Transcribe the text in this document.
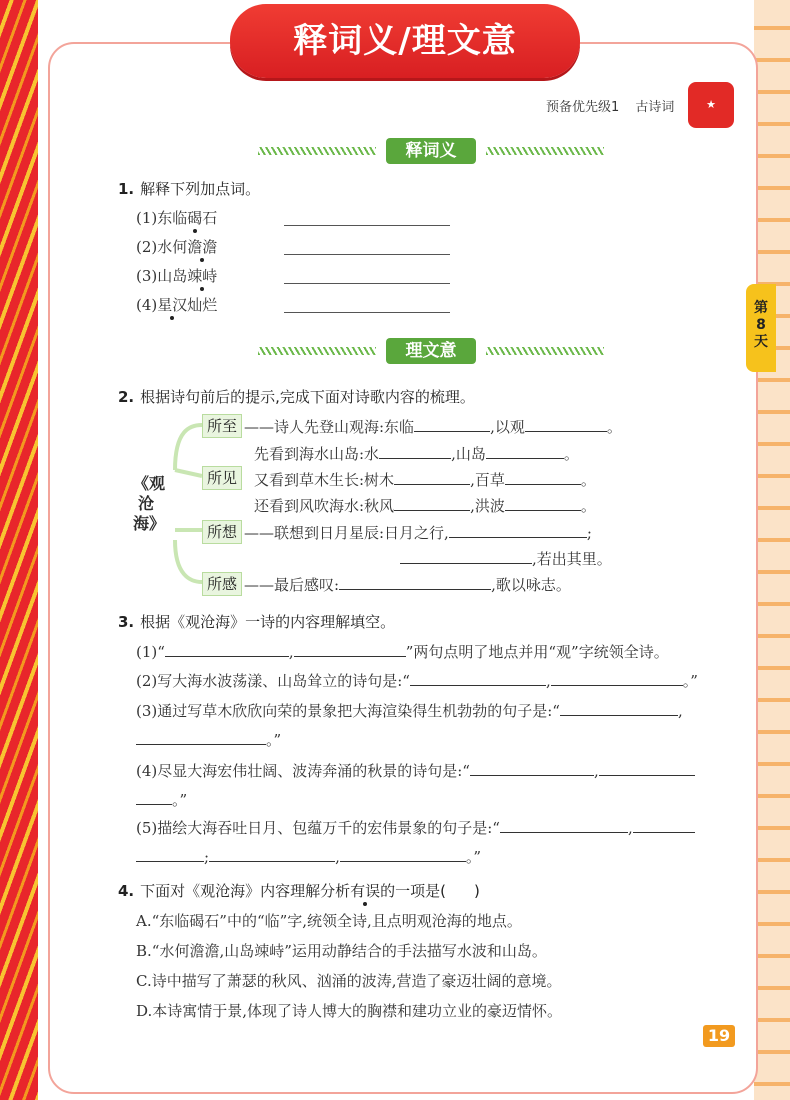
释词义/理文意
预备优先级1 古诗词	★
第
8
天
释词义
1. 解释下列加点词。
(1)东临碣石
(2)水何澹澹
(3)山岛竦峙
(4)星汉灿烂
理文意
2. 根据诗句前后的提示,完成下面对诗歌内容的梳理。
《观沧海》
所至 ——诗人先登山观海:东临	,以观	。
所见
先看到海水山岛:水	,山岛	。
又看到草木生长:树木	,百草	。
还看到风吹海水:秋风	,洪波	。
所想 ——联想到日月星辰:日月之行,	;
,若出其里。
所感 ——最后感叹:	,歌以咏志。
3. 根据《观沧海》一诗的内容理解填空。
(1)“	,	”两句点明了地点并用“观”字统领全诗。
(2)写大海水波荡漾、山岛耸立的诗句是:“	,	。”
(3)通过写草木欣欣向荣的景象把大海渲染得生机勃勃的句子是:“	,
。”
(4)尽显大海宏伟壮阔、波涛奔涌的秋景的诗句是:“	,
。”
(5)描绘大海吞吐日月、包蕴万千的宏伟景象的句子是:“	,
;	,	。”
4. 下面对《观沧海》内容理解分析有误的一项是( )
A.“东临碣石”中的“临”字,统领全诗,且点明观沧海的地点。
B.“水何澹澹,山岛竦峙”运用动静结合的手法描写水波和山岛。
C.诗中描写了萧瑟的秋风、汹涌的波涛,营造了豪迈壮阔的意境。
D.本诗寓情于景,体现了诗人博大的胸襟和建功立业的豪迈情怀。
19
